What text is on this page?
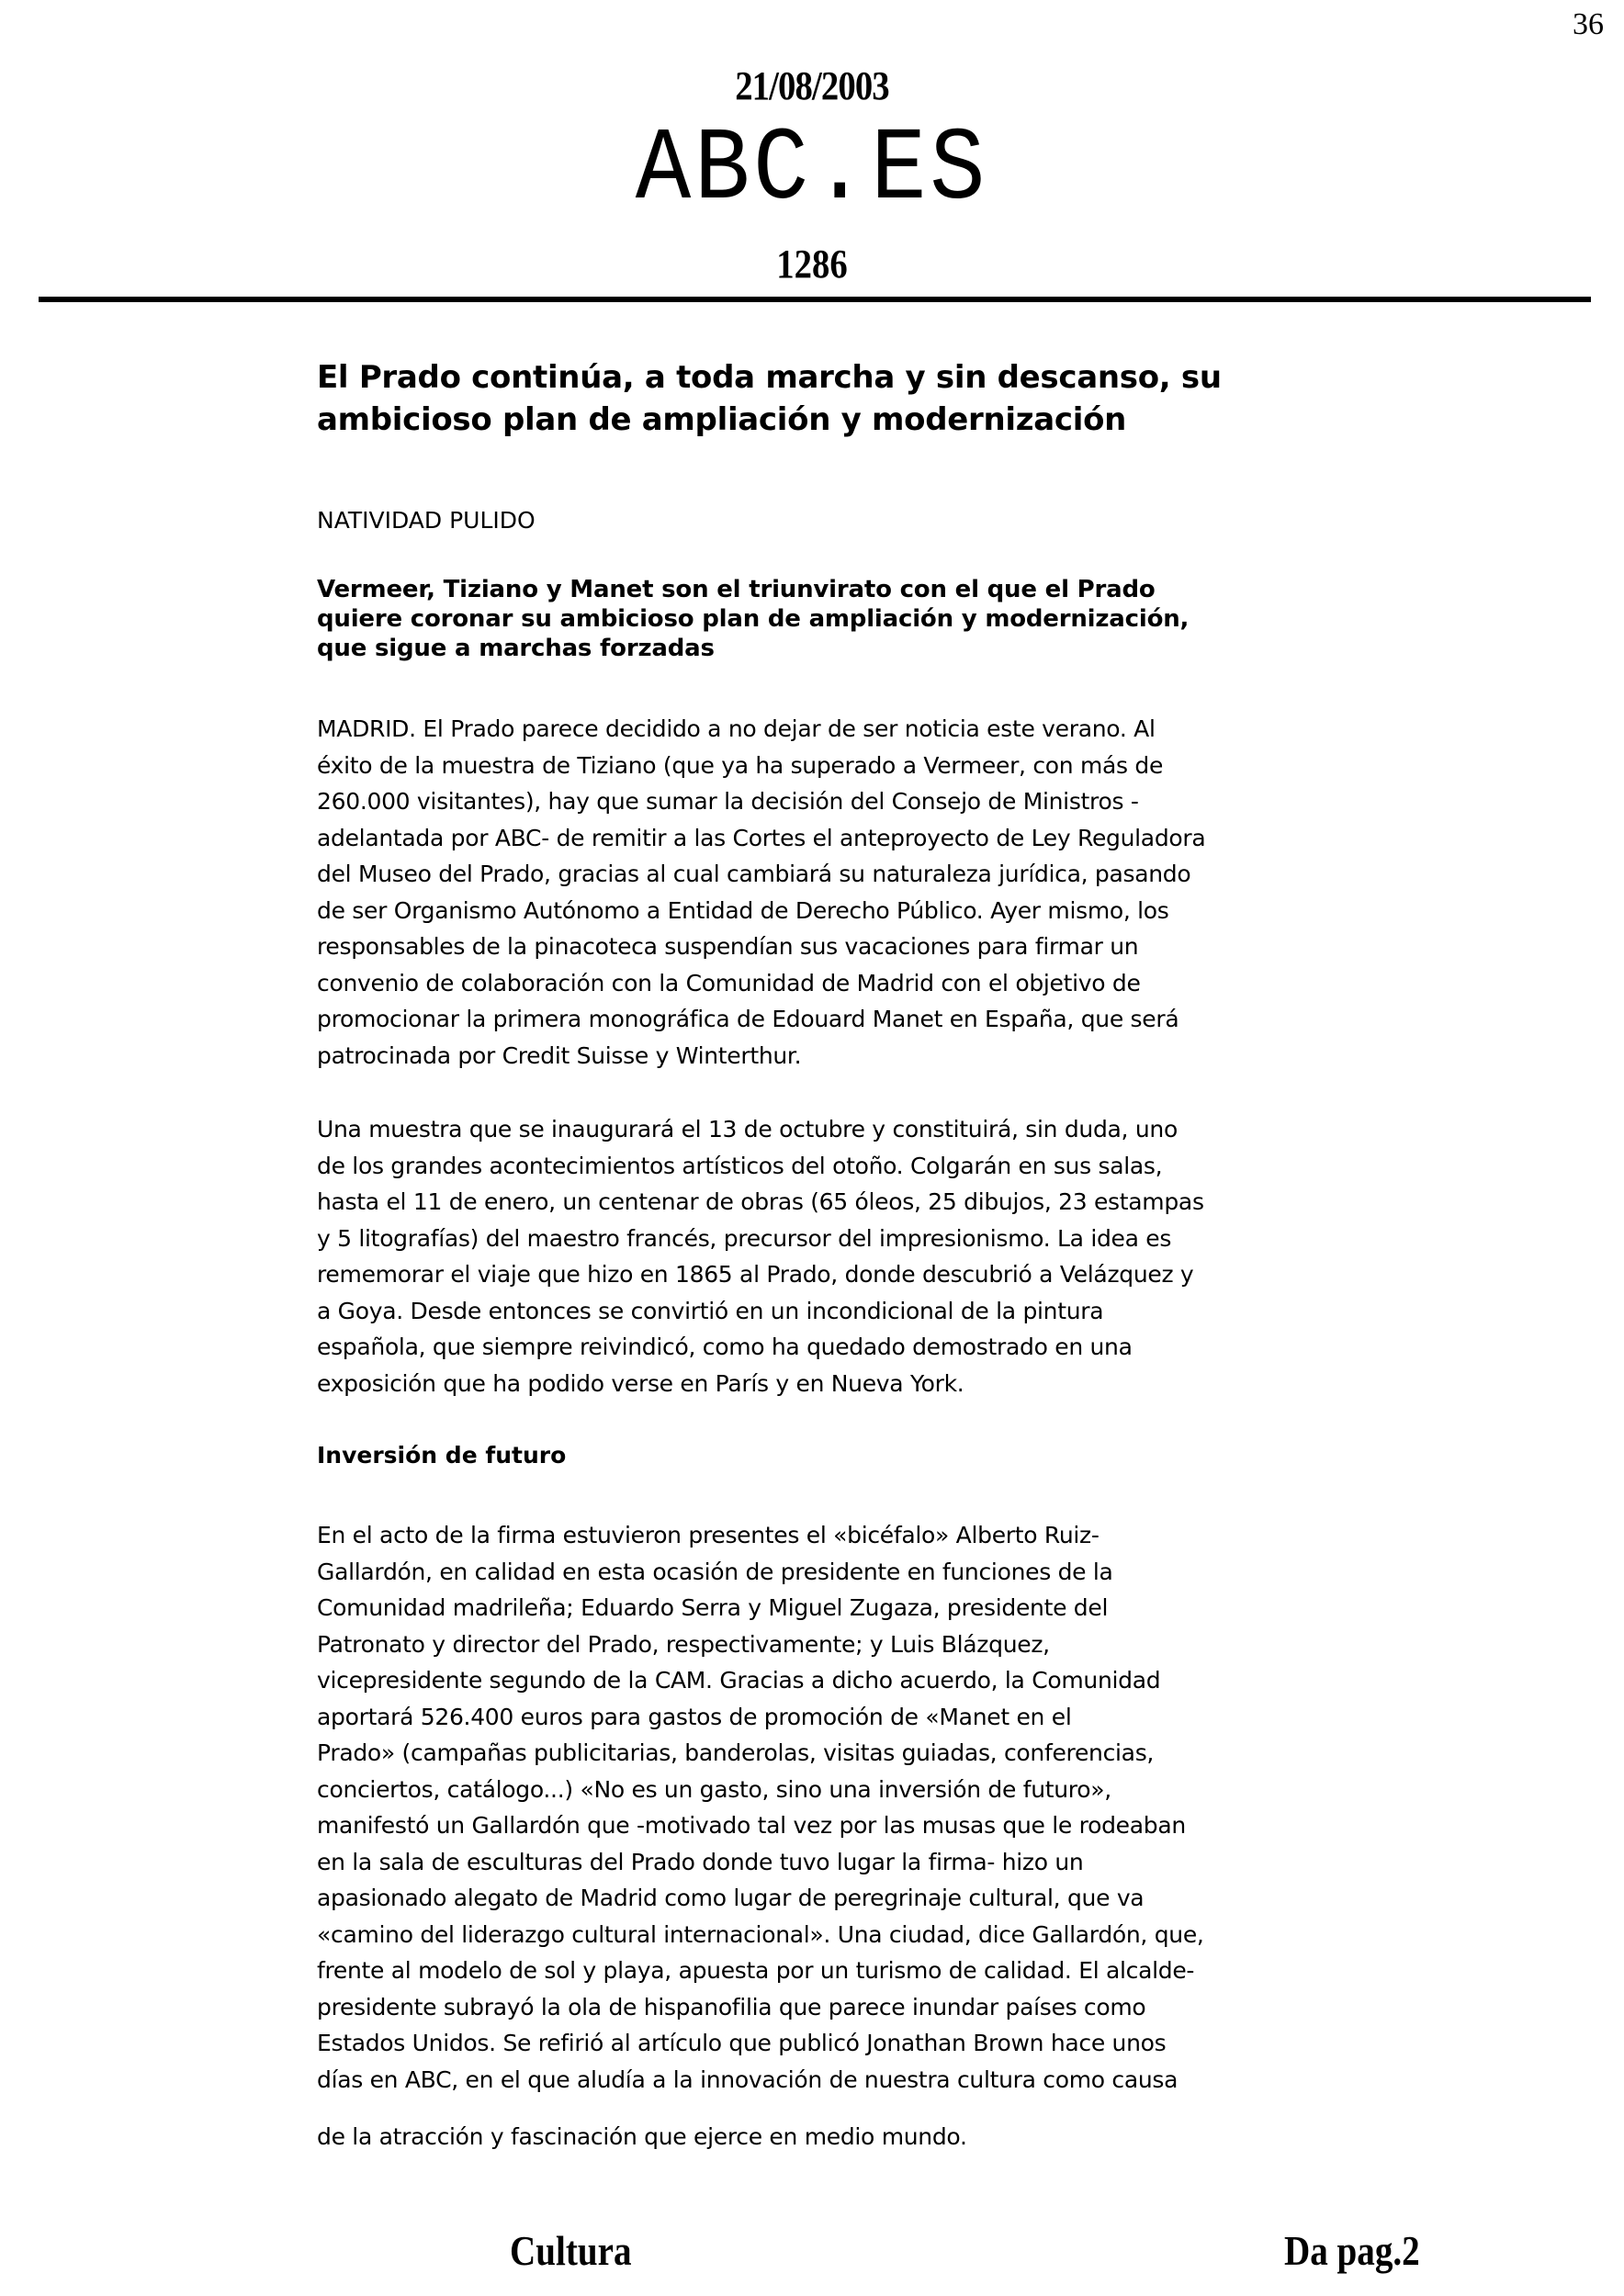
36
21/08/2003
ABC.ES
1286
El Prado continúa, a toda marcha y sin descanso, su
ambicioso plan de ampliación y modernización
NATIVIDAD PULIDO
Vermeer, Tiziano y Manet son el triunvirato con el que el Prado
quiere coronar su ambicioso plan de ampliación y modernización,
que sigue a marchas forzadas
MADRID. El Prado parece decidido a no dejar de ser noticia este verano. Al
éxito de la muestra de Tiziano (que ya ha superado a Vermeer, con más de
260.000 visitantes), hay que sumar la decisión del Consejo de Ministros -
adelantada por ABC- de remitir a las Cortes el anteproyecto de Ley Reguladora
del Museo del Prado, gracias al cual cambiará su naturaleza jurídica, pasando
de ser Organismo Autónomo a Entidad de Derecho Público. Ayer mismo, los
responsables de la pinacoteca suspendían sus vacaciones para firmar un
convenio de colaboración con la Comunidad de Madrid con el objetivo de
promocionar la primera monográfica de Edouard Manet en España, que será
patrocinada por Credit Suisse y Winterthur.
Una muestra que se inaugurará el 13 de octubre y constituirá, sin duda, uno
de los grandes acontecimientos artísticos del otoño. Colgarán en sus salas,
hasta el 11 de enero, un centenar de obras (65 óleos, 25 dibujos, 23 estampas
y 5 litografías) del maestro francés, precursor del impresionismo. La idea es
rememorar el viaje que hizo en 1865 al Prado, donde descubrió a Velázquez y
a Goya. Desde entonces se convirtió en un incondicional de la pintura
española, que siempre reivindicó, como ha quedado demostrado en una
exposición que ha podido verse en París y en Nueva York.
Inversión de futuro
En el acto de la firma estuvieron presentes el «bicéfalo» Alberto Ruiz-
Gallardón, en calidad en esta ocasión de presidente en funciones de la
Comunidad madrileña; Eduardo Serra y Miguel Zugaza, presidente del
Patronato y director del Prado, respectivamente; y Luis Blázquez,
vicepresidente segundo de la CAM. Gracias a dicho acuerdo, la Comunidad
aportará 526.400 euros para gastos de promoción de «Manet en el
Prado» (campañas publicitarias, banderolas, visitas guiadas, conferencias,
conciertos, catálogo...) «No es un gasto, sino una inversión de futuro»,
manifestó un Gallardón que -motivado tal vez por las musas que le rodeaban
en la sala de esculturas del Prado donde tuvo lugar la firma- hizo un
apasionado alegato de Madrid como lugar de peregrinaje cultural, que va
«camino del liderazgo cultural internacional». Una ciudad, dice Gallardón, que,
frente al modelo de sol y playa, apuesta por un turismo de calidad. El alcalde-
presidente subrayó la ola de hispanofilia que parece inundar países como
Estados Unidos. Se refirió al artículo que publicó Jonathan Brown hace unos
días en ABC, en el que aludía a la innovación de nuestra cultura como causa
de la atracción y fascinación que ejerce en medio mundo.
Cultura	Da pag.2
